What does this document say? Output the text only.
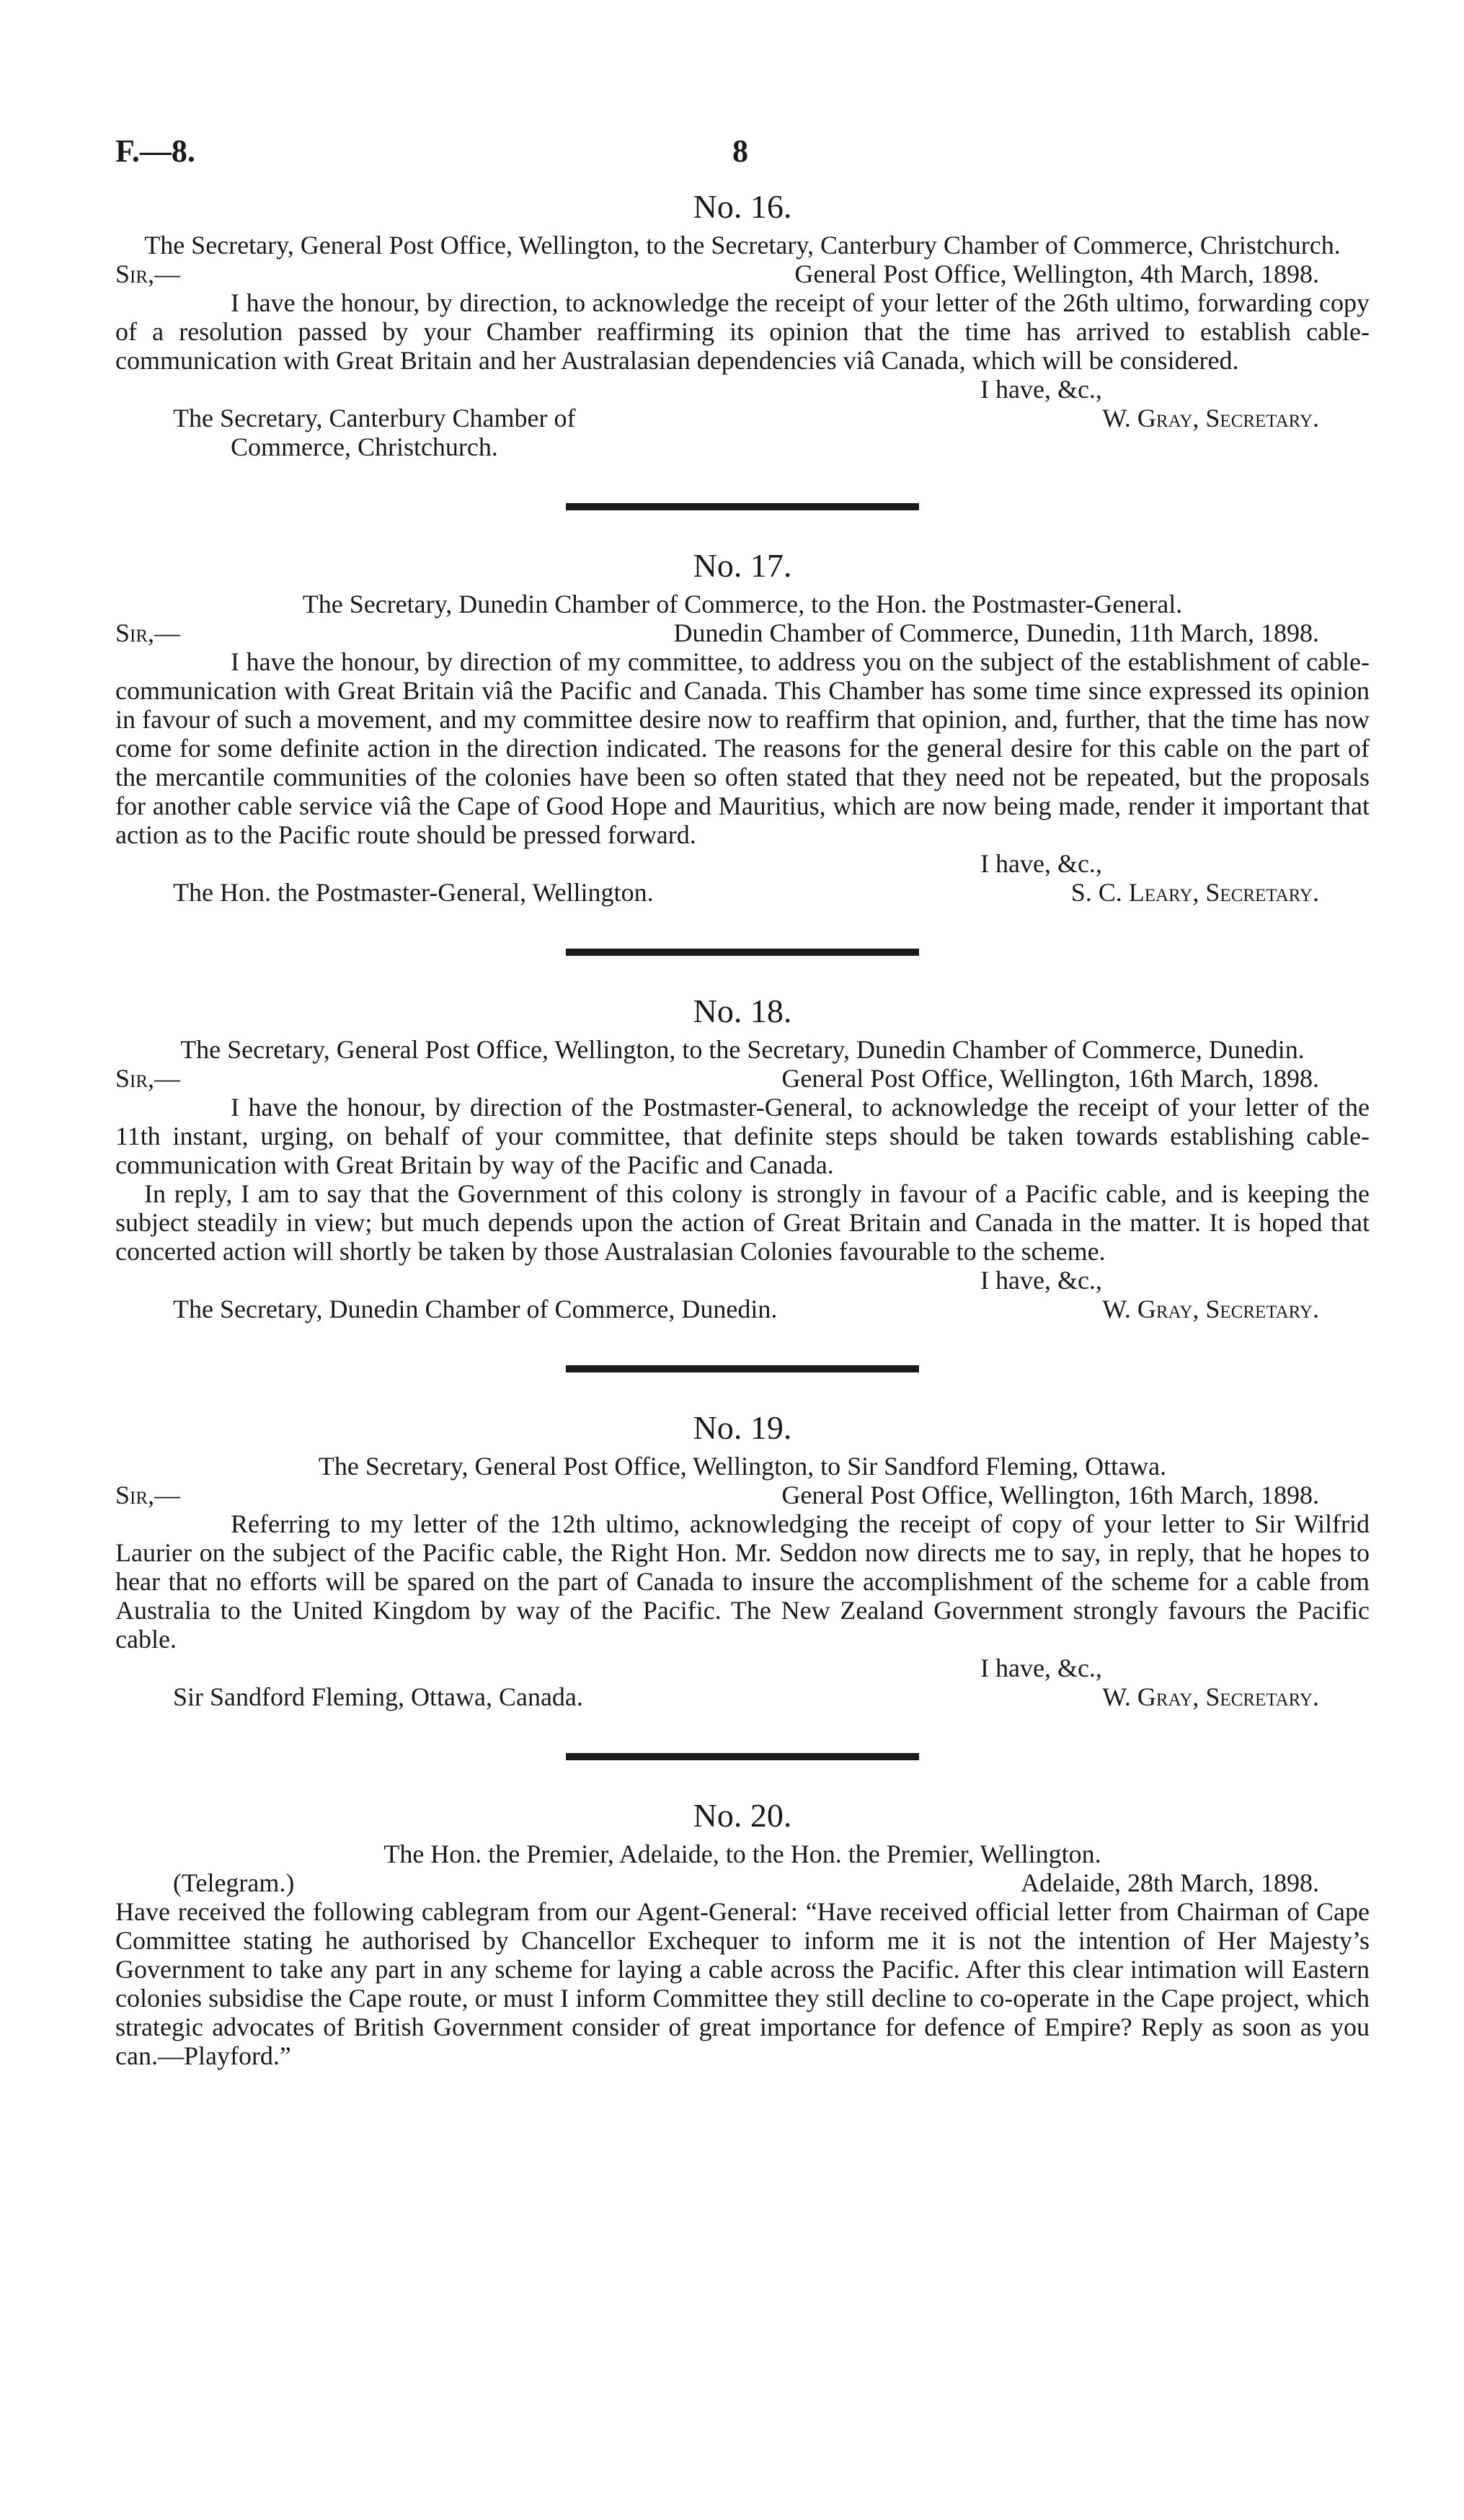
F.—8.	8
No. 16.
The Secretary, General Post Office, Wellington, to the Secretary, Canterbury Chamber of Commerce, Christchurch.
Sir,—	General Post Office, Wellington, 4th March, 1898.

I have the honour, by direction, to acknowledge the receipt of your letter of the 26th ultimo, forwarding copy of a resolution passed by your Chamber reaffirming its opinion that the time has arrived to establish cable-communication with Great Britain and her Australasian dependencies viâ Canada, which will be considered.

I have, &c.,
The Secretary, Canterbury Chamber of	W. Gray, Secretary.
Commerce, Christchurch.
No. 17.
The Secretary, Dunedin Chamber of Commerce, to the Hon. the Postmaster-General.
Sir,—	Dunedin Chamber of Commerce, Dunedin, 11th March, 1898.

I have the honour, by direction of my committee, to address you on the subject of the establishment of cable-communication with Great Britain viâ the Pacific and Canada. This Chamber has some time since expressed its opinion in favour of such a movement, and my committee desire now to reaffirm that opinion, and, further, that the time has now come for some definite action in the direction indicated. The reasons for the general desire for this cable on the part of the mercantile communities of the colonies have been so often stated that they need not be repeated, but the proposals for another cable service viâ the Cape of Good Hope and Mauritius, which are now being made, render it important that action as to the Pacific route should be pressed forward.

I have, &c.,
The Hon. the Postmaster-General, Wellington.	S. C. Leary, Secretary.
No. 18.
The Secretary, General Post Office, Wellington, to the Secretary, Dunedin Chamber of Commerce, Dunedin.
Sir,—	General Post Office, Wellington, 16th March, 1898.

I have the honour, by direction of the Postmaster-General, to acknowledge the receipt of your letter of the 11th instant, urging, on behalf of your committee, that definite steps should be taken towards establishing cable-communication with Great Britain by way of the Pacific and Canada.

In reply, I am to say that the Government of this colony is strongly in favour of a Pacific cable, and is keeping the subject steadily in view; but much depends upon the action of Great Britain and Canada in the matter. It is hoped that concerted action will shortly be taken by those Australasian Colonies favourable to the scheme.

I have, &c.,
The Secretary, Dunedin Chamber of Commerce, Dunedin.	W. Gray, Secretary.
No. 19.
The Secretary, General Post Office, Wellington, to Sir Sandford Fleming, Ottawa.
Sir,—	General Post Office, Wellington, 16th March, 1898.

Referring to my letter of the 12th ultimo, acknowledging the receipt of copy of your letter to Sir Wilfrid Laurier on the subject of the Pacific cable, the Right Hon. Mr. Seddon now directs me to say, in reply, that he hopes to hear that no efforts will be spared on the part of Canada to insure the accomplishment of the scheme for a cable from Australia to the United Kingdom by way of the Pacific. The New Zealand Government strongly favours the Pacific cable.

I have, &c.,
Sir Sandford Fleming, Ottawa, Canada.	W. Gray, Secretary.
No. 20.
The Hon. the Premier, Adelaide, to the Hon. the Premier, Wellington.
(Telegram.)	Adelaide, 28th March, 1898.

Have received the following cablegram from our Agent-General: “Have received official letter from Chairman of Cape Committee stating he authorised by Chancellor Exchequer to inform me it is not the intention of Her Majesty’s Government to take any part in any scheme for laying a cable across the Pacific. After this clear intimation will Eastern colonies subsidise the Cape route, or must I inform Committee they still decline to co-operate in the Cape project, which strategic advocates of British Government consider of great importance for defence of Empire? Reply as soon as you can.—Playford.”
